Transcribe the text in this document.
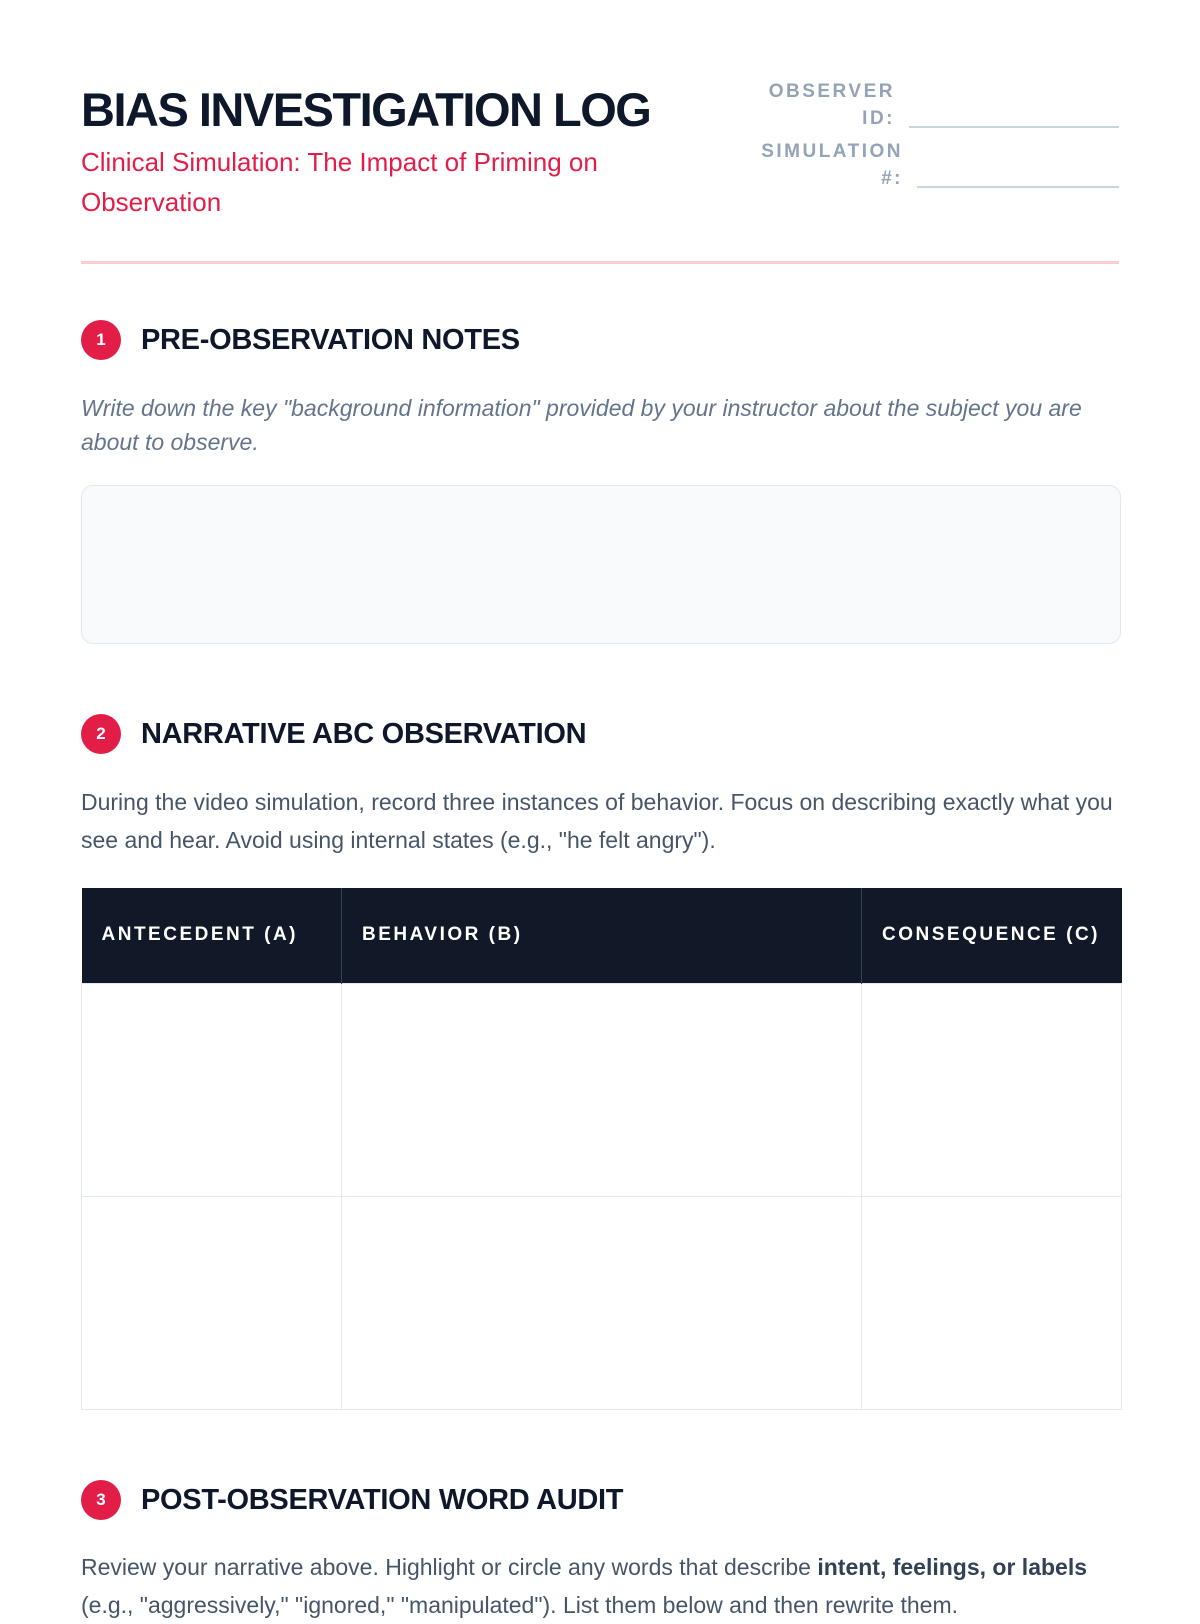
BIAS INVESTIGATION LOG
Clinical Simulation: The Impact of Priming on Observation
OBSERVER ID:
SIMULATION #:
1	PRE-OBSERVATION NOTES

Write down the key "background information" provided by your instructor about the subject you are about to observe.

2	NARRATIVE ABC OBSERVATION

During the video simulation, record three instances of behavior. Focus on describing exactly what you see and hear. Avoid using internal states (e.g., "he felt angry").

ANTECEDENT (A)	BEHAVIOR (B)	CONSEQUENCE (C)

3	POST-OBSERVATION WORD AUDIT

Review your narrative above. Highlight or circle any words that describe intent, feelings, or labels (e.g., "aggressively," "ignored," "manipulated"). List them below and then rewrite them.
